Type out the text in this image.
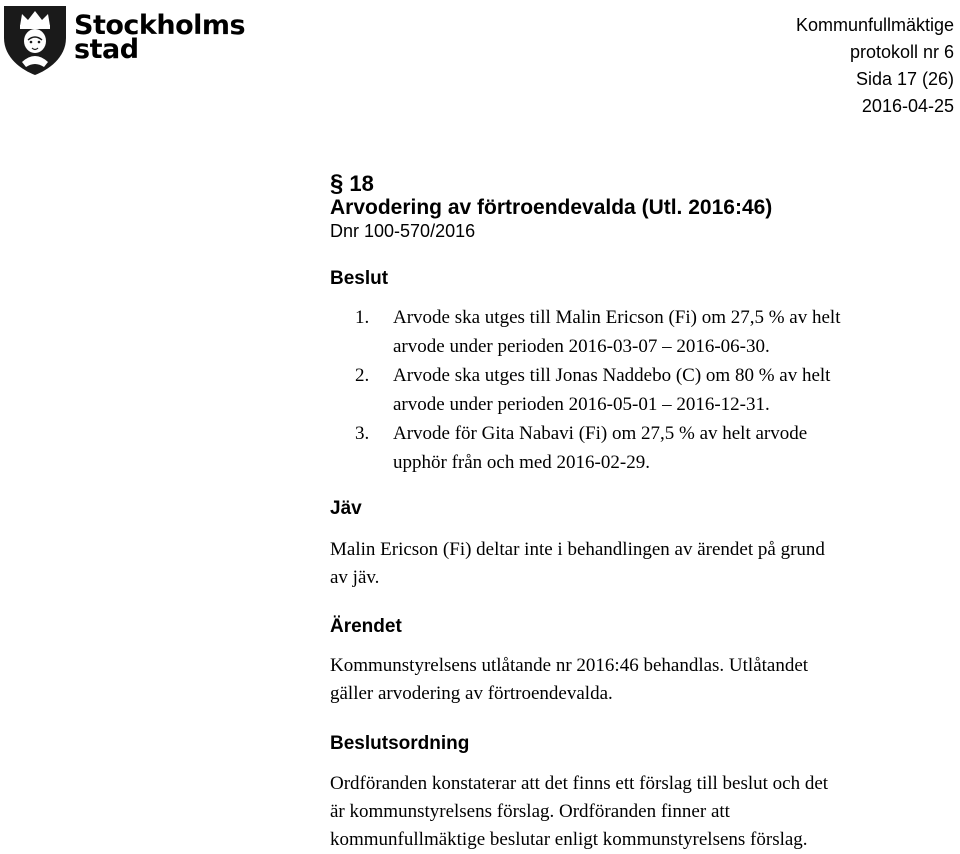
Stockholms
stad
Kommunfullmäktige
protokoll nr 6
Sida 17 (26)
2016-04-25
§ 18
Arvodering av förtroendevalda (Utl. 2016:46)
Dnr 100-570/2016
Beslut
1. Arvode ska utges till Malin Ericson (Fi) om 27,5 % av helt
arvode under perioden 2016-03-07 – 2016-06-30.
2. Arvode ska utges till Jonas Naddebo (C) om 80 % av helt
arvode under perioden 2016-05-01 – 2016-12-31.
3. Arvode för Gita Nabavi (Fi) om 27,5 % av helt arvode
upphör från och med 2016-02-29.
Jäv
Malin Ericson (Fi) deltar inte i behandlingen av ärendet på grund
av jäv.
Ärendet
Kommunstyrelsens utlåtande nr 2016:46 behandlas. Utlåtandet
gäller arvodering av förtroendevalda.
Beslutsordning
Ordföranden konstaterar att det finns ett förslag till beslut och det
är kommunstyrelsens förslag. Ordföranden finner att
kommunfullmäktige beslutar enligt kommunstyrelsens förslag.
